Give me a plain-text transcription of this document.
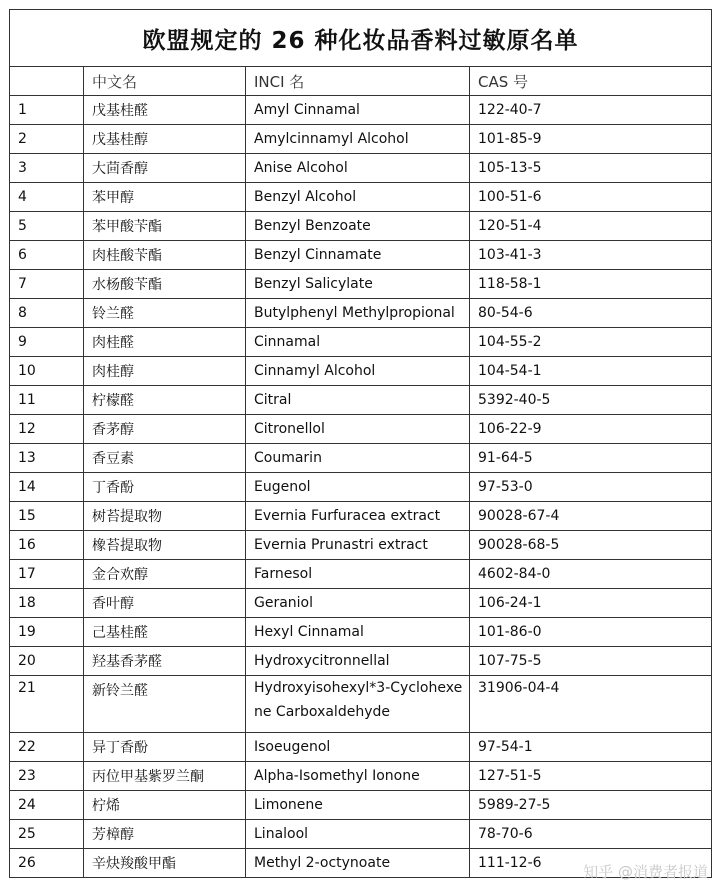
欧盟规定的 26 种化妆品香料过敏原名单			
	中文名	INCI 名	CAS 号
1	戊基桂醛	Amyl Cinnamal	122-40-7
2	戊基桂醇	Amylcinnamyl Alcohol	101-85-9
3	大茴香醇	Anise Alcohol	105-13-5
4	苯甲醇	Benzyl Alcohol	100-51-6
5	苯甲酸苄酯	Benzyl Benzoate	120-51-4
6	肉桂酸苄酯	Benzyl Cinnamate	103-41-3
7	水杨酸苄酯	Benzyl Salicylate	118-58-1
8	铃兰醛	Butylphenyl Methylpropional	80-54-6
9	肉桂醛	Cinnamal	104-55-2
10	肉桂醇	Cinnamyl Alcohol	104-54-1
11	柠檬醛	Citral	5392-40-5
12	香茅醇	Citronellol	106-22-9
13	香豆素	Coumarin	91-64-5
14	丁香酚	Eugenol	97-53-0
15	树苔提取物	Evernia Furfuracea extract	90028-67-4
16	橡苔提取物	Evernia Prunastri extract	90028-68-5
17	金合欢醇	Farnesol	4602-84-0
18	香叶醇	Geraniol	106-24-1
19	己基桂醛	Hexyl Cinnamal	101-86-0
20	羟基香茅醛	Hydroxycitronnellal	107-75-5
21	新铃兰醛	Hydroxyisohexyl*3-Cyclohexene Carboxaldehyde	31906-04-4
22	异丁香酚	Isoeugenol	97-54-1
23	丙位甲基紫罗兰酮	Alpha-Isomethyl Ionone	127-51-5
24	柠烯	Limonene	5989-27-5
25	芳樟醇	Linalool	78-70-6
26	辛炔羧酸甲酯	Methyl 2-octynoate	111-12-6	知乎 @消费者报道
